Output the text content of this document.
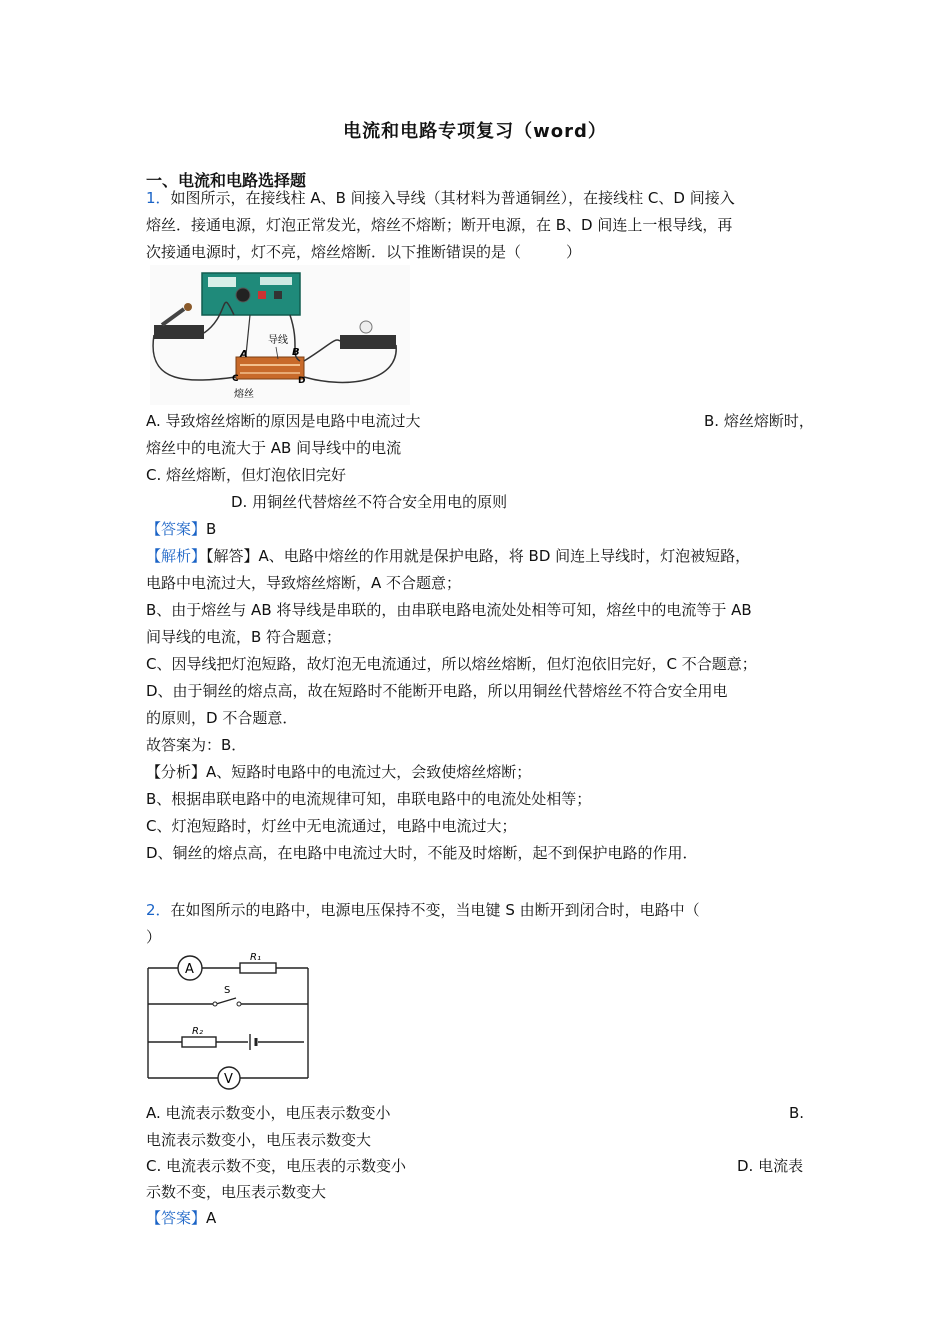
电流和电路专项复习（word）
一、电流和电路选择题
1．如图所示，在接线柱 A、B 间接入导线（其材料为普通铜丝），在接线柱 C、D 间接入
熔丝．接通电源，灯泡正常发光，熔丝不熔断；断开电源，在 B、D 间连上一根导线，再
次接通电源时，灯不亮，熔丝熔断．以下推断错误的是（　　　）
导线
A	B
C	D
熔丝
A. 导致熔丝熔断的原因是电路中电流过大	B. 熔丝熔断时，
熔丝中的电流大于 AB 间导线中的电流
C. 熔丝熔断，但灯泡依旧完好
D. 用铜丝代替熔丝不符合安全用电的原则
【答案】B
【解析】【解答】A、电路中熔丝的作用就是保护电路，将 BD 间连上导线时，灯泡被短路，
电路中电流过大，导致熔丝熔断，A 不合题意；
B、由于熔丝与 AB 将导线是串联的，由串联电路电流处处相等可知，熔丝中的电流等于 AB
间导线的电流，B 符合题意；
C、因导线把灯泡短路，故灯泡无电流通过，所以熔丝熔断，但灯泡依旧完好，C 不合题意；
D、由于铜丝的熔点高，故在短路时不能断开电路，所以用铜丝代替熔丝不符合安全用电
的原则，D 不合题意．
故答案为：B．
【分析】A、短路时电路中的电流过大，会致使熔丝熔断；
B、根据串联电路中的电流规律可知，串联电路中的电流处处相等；
C、灯泡短路时，灯丝中无电流通过，电路中电流过大；
D、铜丝的熔点高，在电路中电流过大时，不能及时熔断，起不到保护电路的作用．
2．在如图所示的电路中，电源电压保持不变，当电键 S 由断开到闭合时，电路中（
）
A
R₁
S
R₂
V
A. 电流表示数变小，电压表示数变小	B.
电流表示数变小，电压表示数变大
C. 电流表示数不变，电压表的示数变小	D. 电流表
示数不变，电压表示数变大
【答案】A
